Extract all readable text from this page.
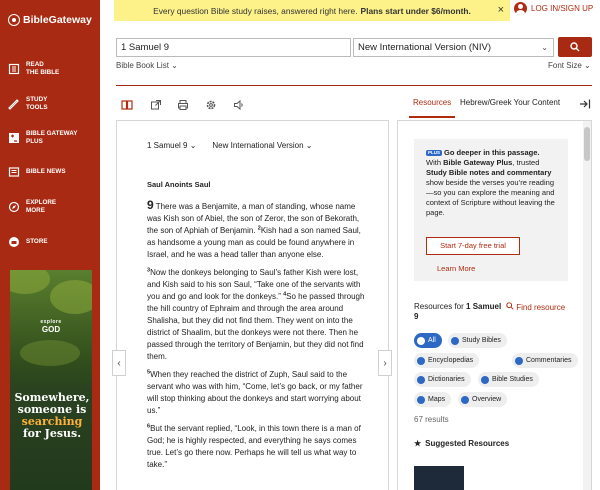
BibleGateway
READ
THE BIBLE
STUDY
TOOLS
BIBLE GATEWAY
PLUS
BIBLE NEWS
EXPLORE
MORE
STORE
explore
GOD
Somewhere,
someone is
searching
for Jesus.
Every question Bible study raises, answered right here. Plans start under $6/month. ×	LOG IN/SIGN UP
1 Samuel 9	New International Version (NIV)	⌄
Bible Book List ⌄	Font Size ⌄
Resources Hebrew/Greek Your Content
1 Samuel 9 ⌄ New International Version ⌄
Saul Anoints Saul

9 There was a Benjamite, a man of standing, whose name was Kish son of Abiel, the son of Zeror, the son of Bekorath, the son of Aphiah of Benjamin. $^2$Kish had a son named Saul, as handsome a young man as could be found anywhere in Israel, and he was a head taller than anyone else.

$^3$Now the donkeys belonging to Saul’s father Kish were lost, and Kish said to his son Saul, “Take one of the servants with you and go and look for the donkeys.” $^4$So he passed through the hill country of Ephraim and through the area around Shalisha, but they did not find them. They went on into the district of Shaalim, but the donkeys were not there. Then he passed through the territory of Benjamin, but they did not find them.

$^5$When they reached the district of Zuph, Saul said to the servant who was with him, “Come, let’s go back, or my father will stop thinking about the donkeys and start worrying about us.”

$^6$But the servant replied, “Look, in this town there is a man of God; he is highly respected, and everything he says comes true. Let’s go there now. Perhaps he will tell us what way to take.”

‹	›
PLUS Go deeper in this passage.
With Bible Gateway Plus, trusted Study Bible notes and commentary show beside the verses you’re reading—so you can explore the meaning and context of Scripture without leaving the page.
Start 7-day free trial
Learn More
Resources for 1 Samuel 9
Find resource
All	Study Bibles
Encyclopedias	Commentaries
Dictionaries	Bible Studies
Maps	Overview
67 results
★ Suggested Resources
